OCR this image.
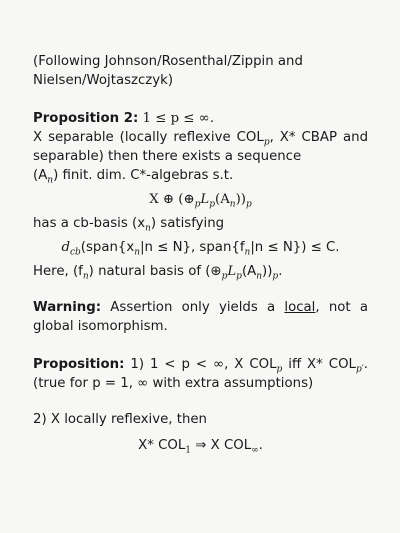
(Following Johnson/Rosenthal/Zippin and
Nielsen/Wojtaszczyk)
Proposition 2: 1 ≤ p ≤ ∞.
X separable (locally reflexive $COL_p$, X* CBAP and separable) then there exists a sequence
$(A_n)$ finit. dim. C*-algebras s.t.
X ⊕ $(\oplus_pL_p(A_n))_p$
has a cb-basis $(x_n)$ satisfying
$d_{cb}(span\{x_n|n \le N\}$, $span\{f_n|n \le N\}) \le C$.
Here, $(f_n)$ natural basis of $(\oplus_pL_p(A_n))_p$.
Warning: Assertion only yields a local, not a global isomorphism.
Proposition: 1) 1 < p < ∞, X $COL_p$ iff X* $COL_{p'}$. (true for p = 1, ∞ with extra assumptions)
2) X locally reflexive, then
X* $COL_1$ ⇒ X $COL_\infty$.
